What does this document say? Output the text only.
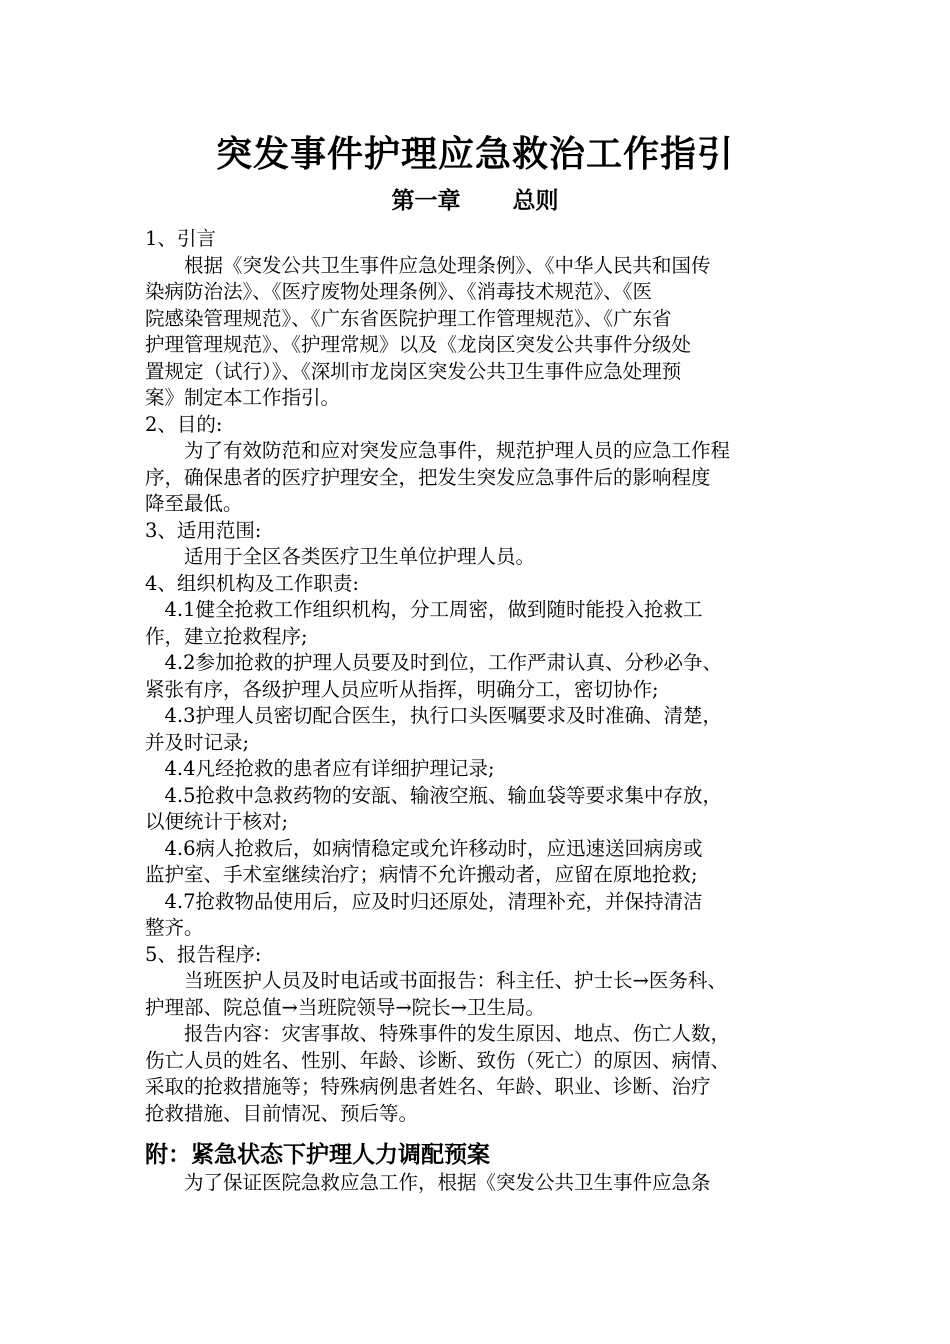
突发事件护理应急救治工作指引
第一章 总则

1、引言

　　根据《突发公共卫生事件应急处理条例》、《中华人民共和国传

染病防治法》、《医疗废物处理条例》、《消毒技术规范》、《医

院感染管理规范》、《广东省医院护理工作管理规范》、《广东省

护理管理规范》、《护理常规》以及《龙岗区突发公共事件分级处

置规定（试行）》、《深圳市龙岗区突发公共卫生事件应急处理预

案》制定本工作指引。

2、目的:

　　为了有效防范和应对突发应急事件，规范护理人员的应急工作程

序，确保患者的医疗护理安全，把发生突发应急事件后的影响程度

降至最低。

3、适用范围:

　　适用于全区各类医疗卫生单位护理人员。

4、组织机构及工作职责:

　4.1健全抢救工作组织机构，分工周密，做到随时能投入抢救工

作，建立抢救程序;

　4.2参加抢救的护理人员要及时到位，工作严肃认真、分秒必争、

紧张有序，各级护理人员应听从指挥，明确分工，密切协作;

　4.3护理人员密切配合医生，执行口头医嘱要求及时准确、清楚，

并及时记录;

　4.4凡经抢救的患者应有详细护理记录;

　4.5抢救中急救药物的安瓿、输液空瓶、输血袋等要求集中存放，

以便统计于核对;

　4.6病人抢救后，如病情稳定或允许移动时，应迅速送回病房或

监护室、手术室继续治疗；病情不允许搬动者，应留在原地抢救;

　4.7抢救物品使用后，应及时归还原处，清理补充，并保持清洁

整齐。

5、报告程序:

　　当班医护人员及时电话或书面报告：科主任、护士长→医务科、

护理部、院总值→当班院领导→院长→卫生局。

　　报告内容：灾害事故、特殊事件的发生原因、地点、伤亡人数，

伤亡人员的姓名、性别、年龄、诊断、致伤（死亡）的原因、病情、

采取的抢救措施等；特殊病例患者姓名、年龄、职业、诊断、治疗

抢救措施、目前情况、预后等。

附：紧急状态下护理人力调配预案
　　为了保证医院急救应急工作，根据《突发公共卫生事件应急条
